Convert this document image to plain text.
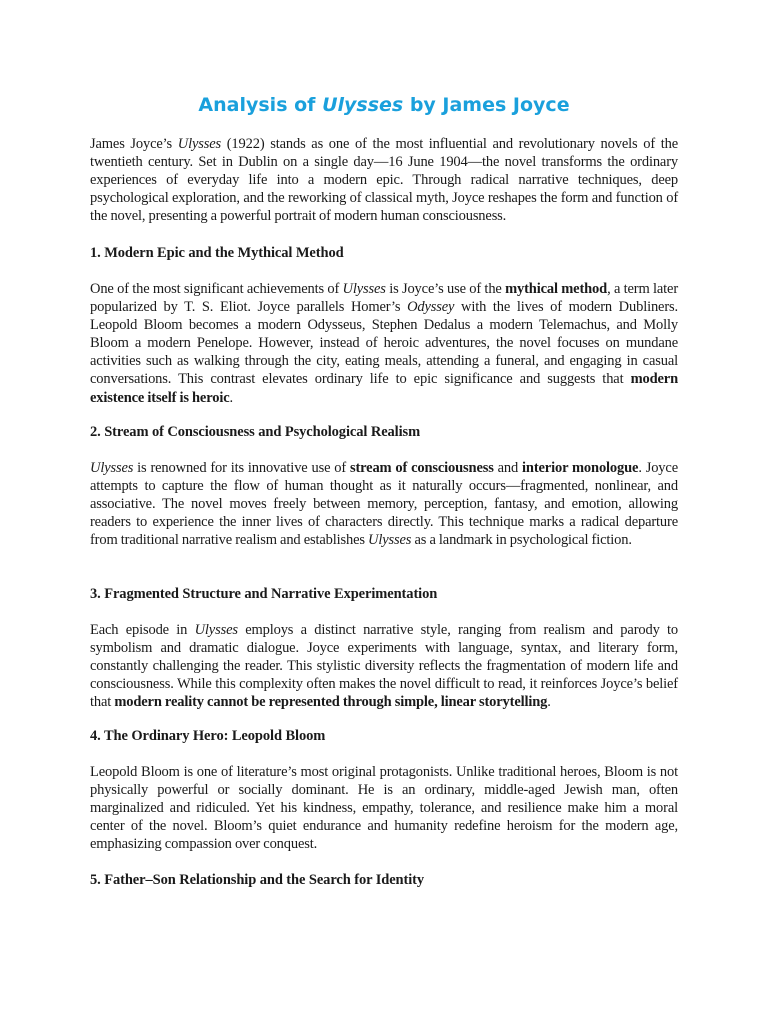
Analysis of Ulysses by James Joyce

James Joyce’s Ulysses (1922) stands as one of the most influential and revolutionary novels of the twentieth century. Set in Dublin on a single day—16 June 1904—the novel transforms the ordinary experiences of everyday life into a modern epic. Through radical narrative techniques, deep psychological exploration, and the reworking of classical myth, Joyce reshapes the form and function of the novel, presenting a powerful portrait of modern human consciousness.

1. Modern Epic and the Mythical Method

One of the most significant achievements of Ulysses is Joyce’s use of the mythical method, a term later popularized by T. S. Eliot. Joyce parallels Homer’s Odyssey with the lives of modern Dubliners. Leopold Bloom becomes a modern Odysseus, Stephen Dedalus a modern Telemachus, and Molly Bloom a modern Penelope. However, instead of heroic adventures, the novel focuses on mundane activities such as walking through the city, eating meals, attending a funeral, and engaging in casual conversations. This contrast elevates ordinary life to epic significance and suggests that modern existence itself is heroic.

2. Stream of Consciousness and Psychological Realism

Ulysses is renowned for its innovative use of stream of consciousness and interior monologue. Joyce attempts to capture the flow of human thought as it naturally occurs—fragmented, nonlinear, and associative. The novel moves freely between memory, perception, fantasy, and emotion, allowing readers to experience the inner lives of characters directly. This technique marks a radical departure from traditional narrative realism and establishes Ulysses as a landmark in psychological fiction.

3. Fragmented Structure and Narrative Experimentation

Each episode in Ulysses employs a distinct narrative style, ranging from realism and parody to symbolism and dramatic dialogue. Joyce experiments with language, syntax, and literary form, constantly challenging the reader. This stylistic diversity reflects the fragmentation of modern life and consciousness. While this complexity often makes the novel difficult to read, it reinforces Joyce’s belief that modern reality cannot be represented through simple, linear storytelling.

4. The Ordinary Hero: Leopold Bloom

Leopold Bloom is one of literature’s most original protagonists. Unlike traditional heroes, Bloom is not physically powerful or socially dominant. He is an ordinary, middle-aged Jewish man, often marginalized and ridiculed. Yet his kindness, empathy, tolerance, and resilience make him a moral center of the novel. Bloom’s quiet endurance and humanity redefine heroism for the modern age, emphasizing compassion over conquest.

5. Father–Son Relationship and the Search for Identity
